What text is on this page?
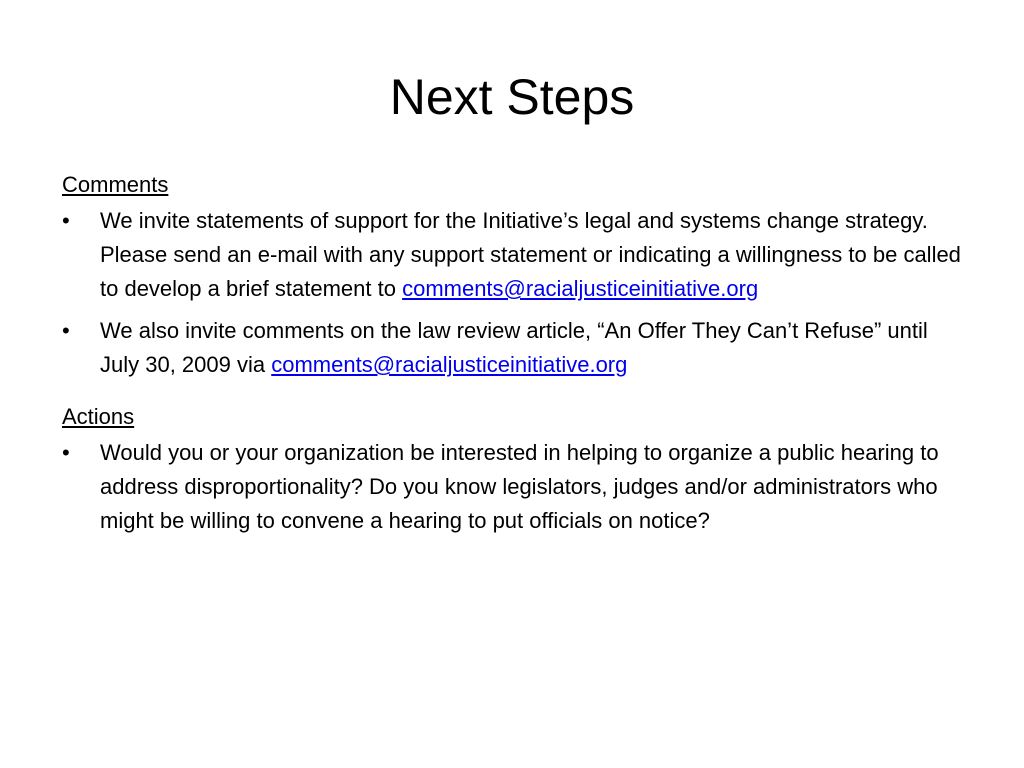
Next Steps
Comments
•	We invite statements of support for the Initiative’s legal and systems change strategy. Please send an e-mail with any support statement or indicating a willingness to be called to develop a brief statement to comments@racialjusticeinitiative.org
•	We also invite comments on the law review article, “An Offer They Can’t Refuse” until July 30, 2009 via comments@racialjusticeinitiative.org
Actions
•	Would you or your organization be interested in helping to organize a public hearing to address disproportionality? Do you know legislators, judges and/or administrators who might be willing to convene a hearing to put officials on notice?
